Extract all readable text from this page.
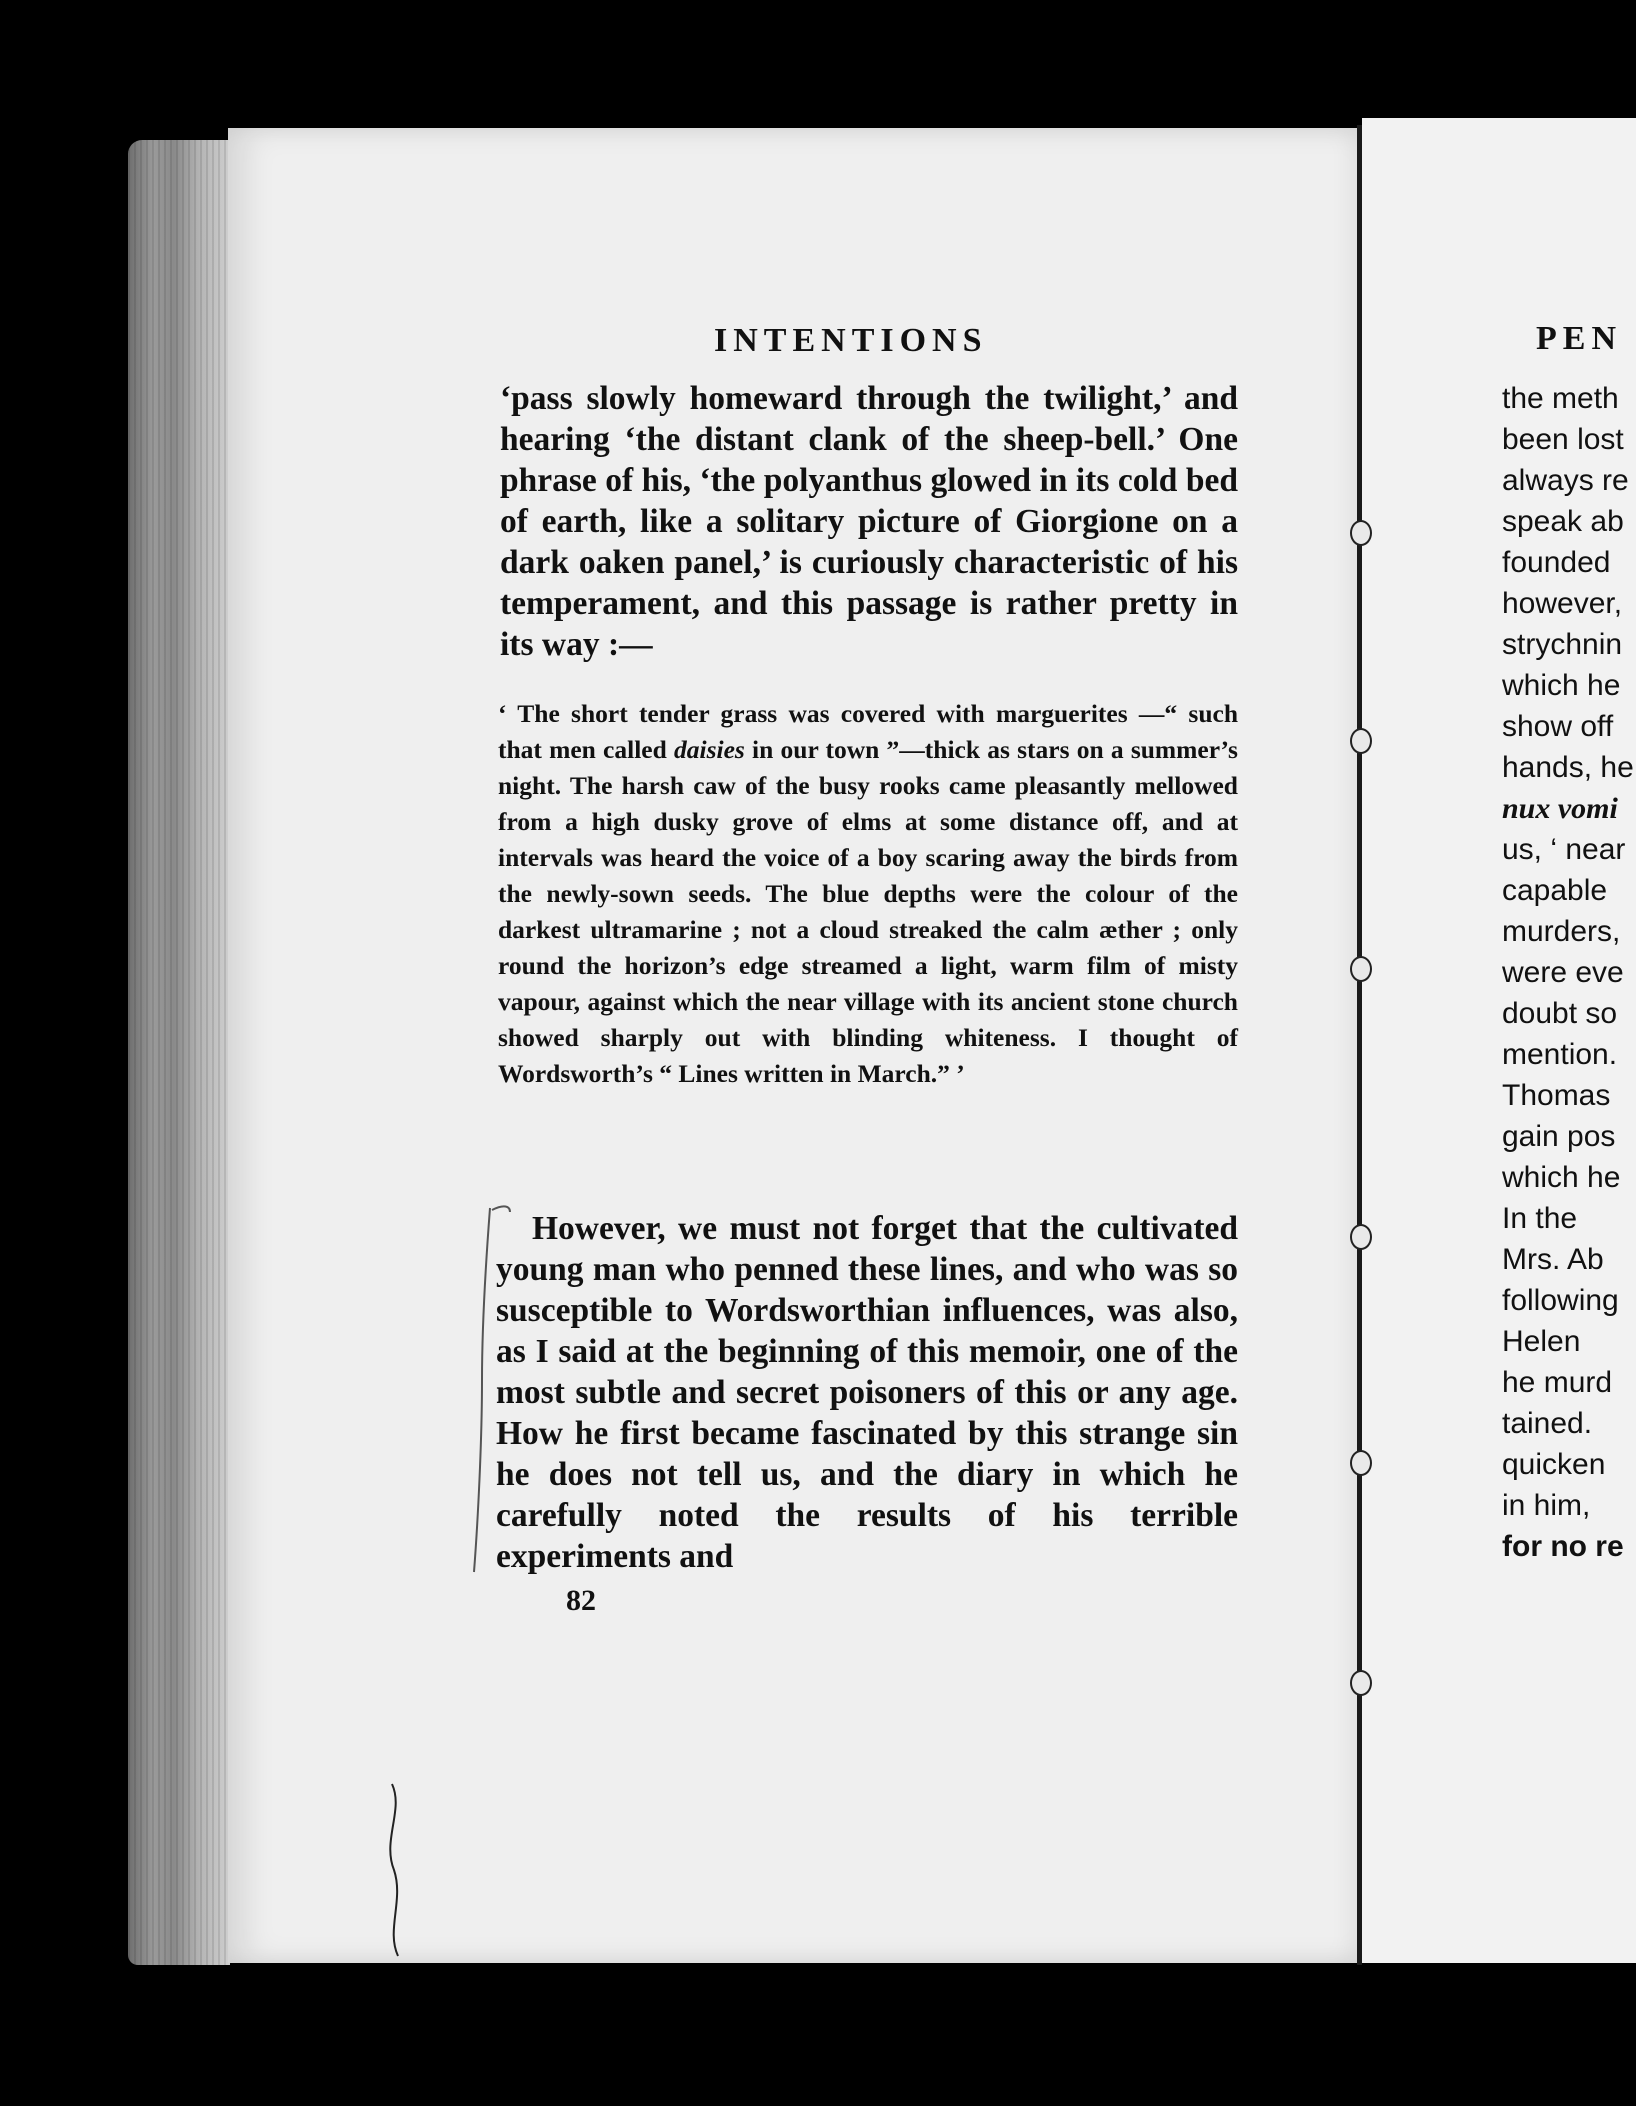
INTENTIONS

‘pass slowly homeward through the twilight,’ and hearing ‘the distant clank of the sheep-bell.’ One phrase of his, ‘the polyanthus glowed in its cold bed of earth, like a solitary picture of Giorgione on a dark oaken panel,’ is curiously characteristic of his temperament, and this passage is rather pretty in its way :—

‘ The short tender grass was covered with marguerites —“ such that men called daisies in our town ”—thick as stars on a summer’s night. The harsh caw of the busy rooks came pleasantly mellowed from a high dusky grove of elms at some distance off, and at intervals was heard the voice of a boy scaring away the birds from the newly-sown seeds. The blue depths were the colour of the darkest ultramarine ; not a cloud streaked the calm æther ; only round the horizon’s edge streamed a light, warm film of misty vapour, against which the near village with its ancient stone church showed sharply out with blinding whiteness. I thought of Wordsworth’s “ Lines written in March.” ’

However, we must not forget that the cultivated young man who penned these lines, and who was so susceptible to Wordsworthian influences, was also, as I said at the beginning of this memoir, one of the most subtle and secret poisoners of this or any age. How he first became fascinated by this strange sin he does not tell us, and the diary in which he carefully noted the results of his terrible experiments and

82

PEN
the meth
been lost
always re
speak ab
founded
however,
strychnin
which he
show off
hands, he
nux vomi
us, ‘ near
capable
murders,
were eve
doubt so
mention.
Thomas
gain pos
which he
In the
Mrs. Ab
following
Helen
he murd
tained.
quicken
in him,
for no re
